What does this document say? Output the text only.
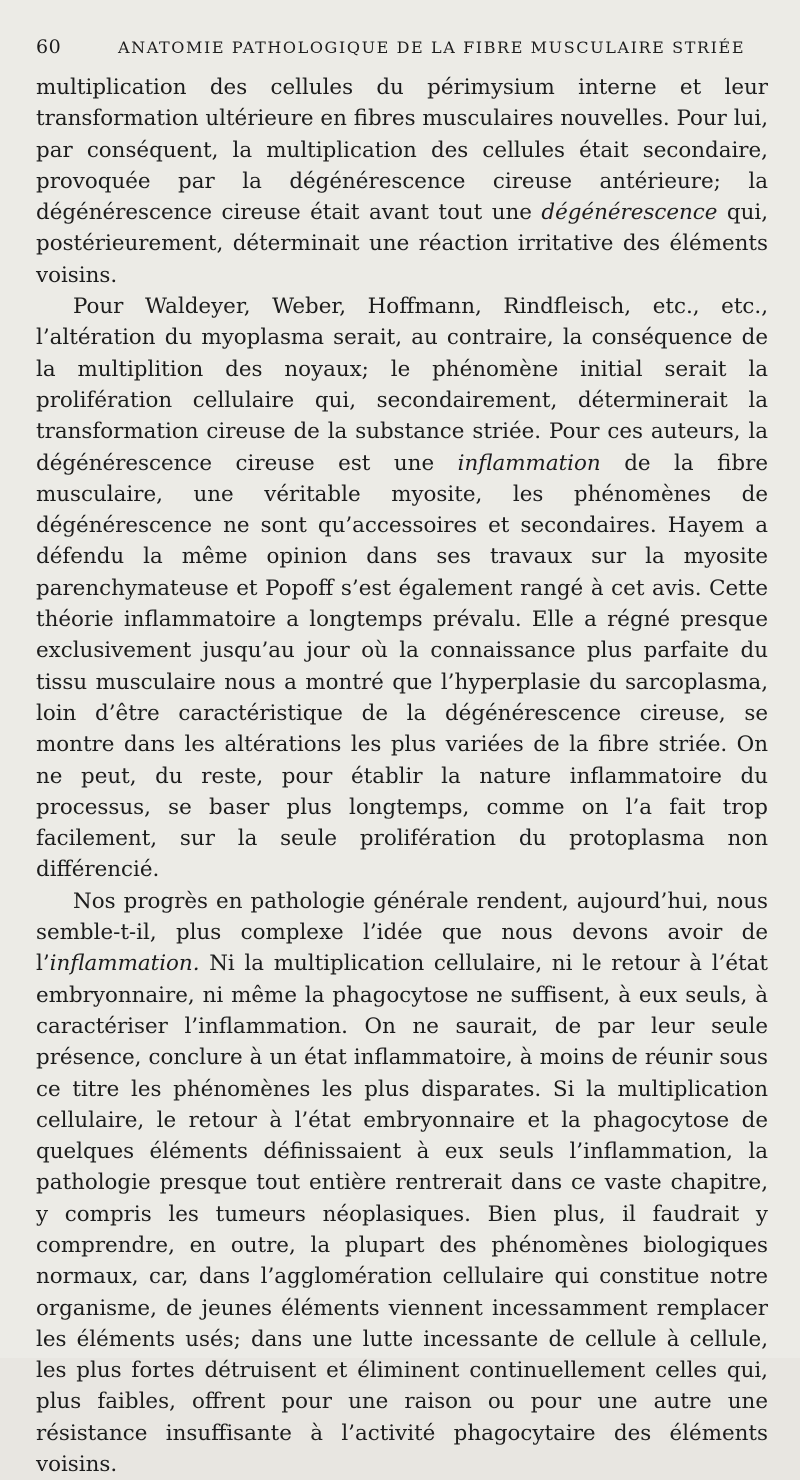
60	ANATOMIE PATHOLOGIQUE DE LA FIBRE MUSCULAIRE STRIÉE

multiplication des cellules du périmysium interne et leur transformation ultérieure en fibres musculaires nouvelles. Pour lui, par conséquent, la multiplication des cellules était secondaire, provoquée par la dégénérescence cireuse antérieure; la dégénérescence cireuse était avant tout une dégénérescence qui, postérieurement, déterminait une réaction irritative des éléments voisins.

Pour Waldeyer, Weber, Hoffmann, Rindfleisch, etc., etc., l’altération du myoplasma serait, au contraire, la conséquence de la multiplition des noyaux; le phénomène initial serait la prolifération cellulaire qui, secondairement, déterminerait la transformation cireuse de la substance striée. Pour ces auteurs, la dégénérescence cireuse est une inflammation de la fibre musculaire, une véritable myosite, les phénomènes de dégénérescence ne sont qu’accessoires et secondaires. Hayem a défendu la même opinion dans ses travaux sur la myosite parenchymateuse et Popoff s’est également rangé à cet avis. Cette théorie inflammatoire a longtemps prévalu. Elle a régné presque exclusivement jusqu’au jour où la connaissance plus parfaite du tissu musculaire nous a montré que l’hyperplasie du sarcoplasma, loin d’être caractéristique de la dégénérescence cireuse, se montre dans les altérations les plus variées de la fibre striée. On ne peut, du reste, pour établir la nature inflammatoire du processus, se baser plus longtemps, comme on l’a fait trop facilement, sur la seule prolifération du protoplasma non différencié.

Nos progrès en pathologie générale rendent, aujourd’hui, nous semble-t-il, plus complexe l’idée que nous devons avoir de l’inflammation. Ni la multiplication cellulaire, ni le retour à l’état embryonnaire, ni même la phagocytose ne suffisent, à eux seuls, à caractériser l’inflammation. On ne saurait, de par leur seule présence, conclure à un état inflammatoire, à moins de réunir sous ce titre les phénomènes les plus disparates. Si la multiplication cellulaire, le retour à l’état embryonnaire et la phagocytose de quelques éléments définissaient à eux seuls l’inflammation, la pathologie presque tout entière rentrerait dans ce vaste chapitre, y compris les tumeurs néoplasiques. Bien plus, il faudrait y comprendre, en outre, la plupart des phénomènes biologiques normaux, car, dans l’agglomération cellulaire qui constitue notre organisme, de jeunes éléments viennent incessamment remplacer les éléments usés; dans une lutte incessante de cellule à cellule, les plus fortes détruisent et éliminent continuellement celles qui, plus faibles, offrent pour une raison ou pour une autre une résistance insuffisante à l’activité phagocytaire des éléments voisins.
